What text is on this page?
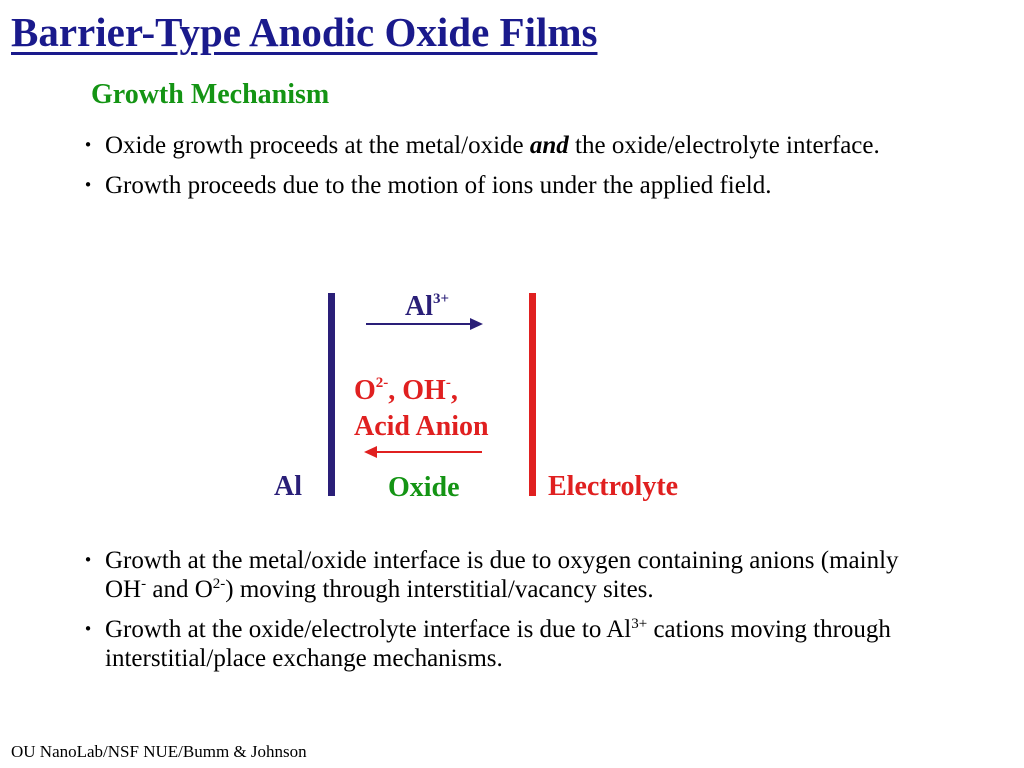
Barrier-Type Anodic Oxide Films
Growth Mechanism
• Oxide growth proceeds at the metal/oxide and the oxide/electrolyte interface.
• Growth proceeds due to the motion of ions under the applied field.
$Al^{3+}$
$O^{2-}$, OH-,
Acid Anion
Al	Oxide	Electrolyte
• Growth at the metal/oxide interface is due to oxygen containing anions (mainly OH- and $O^{2-}$) moving through interstitial/vacancy sites.
• Growth at the oxide/electrolyte interface is due to $Al^{3+}$ cations moving through interstitial/place exchange mechanisms.
OU NanoLab/NSF NUE/Bumm & Johnson
